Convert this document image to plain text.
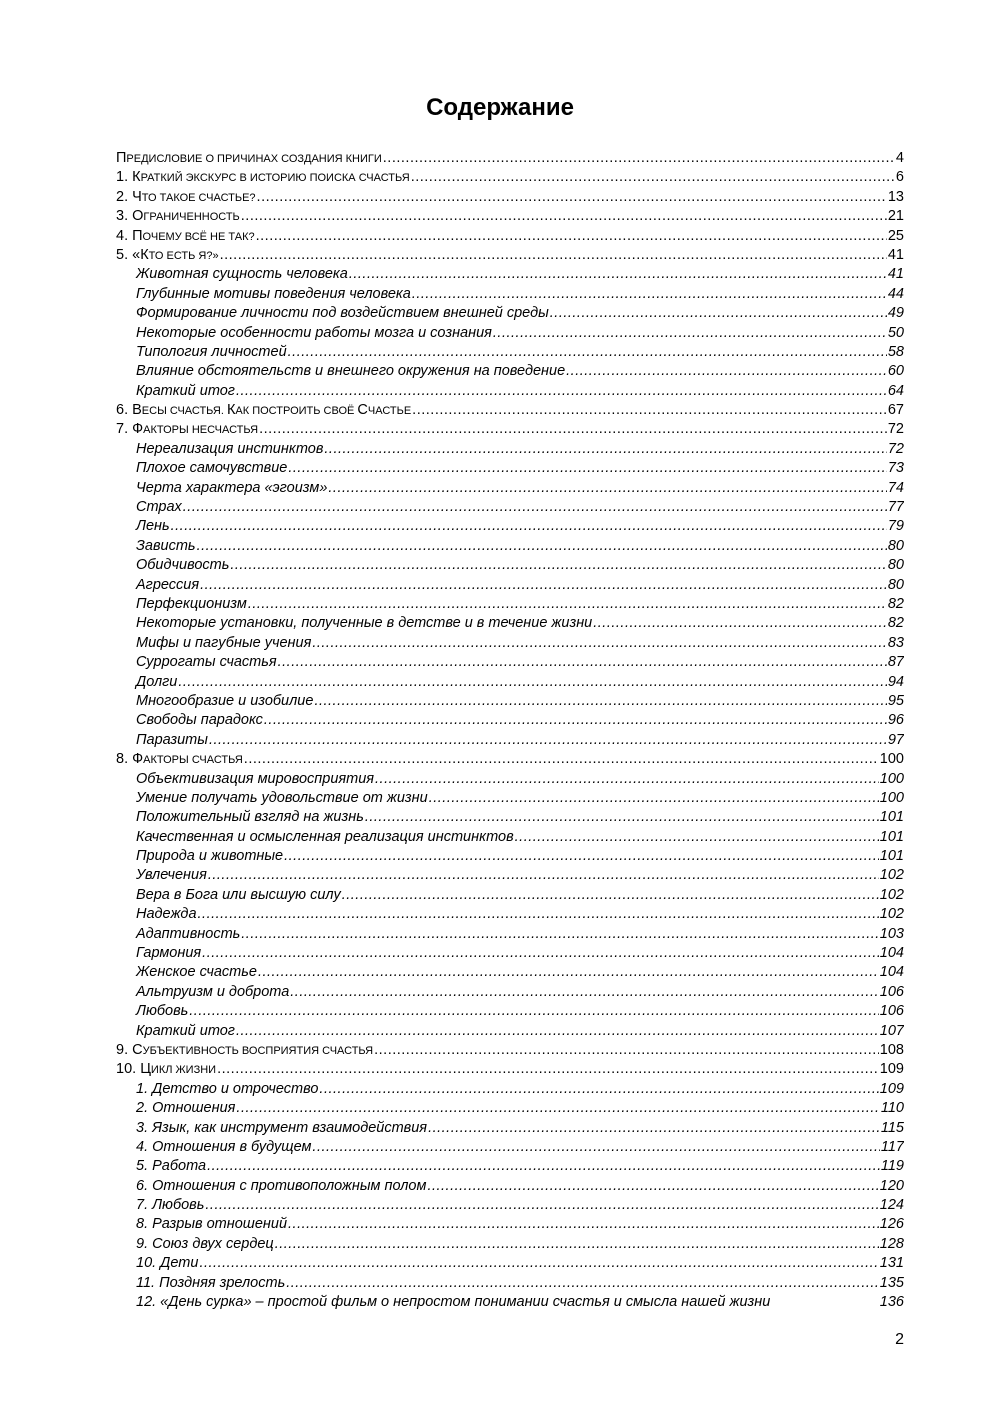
Содержание
ПРЕДИСЛОВИЕ О ПРИЧИНАХ СОЗДАНИЯ КНИГИ .....	4
1. КРАТКИЙ ЭКСКУРС В ИСТОРИЮ ПОИСКА СЧАСТЬЯ .....	6
2. ЧТО ТАКОЕ СЧАСТЬЕ? .....	13
3. ОГРАНИЧЕННОСТЬ .....	21
4. ПОЧЕМУ ВСЁ НЕ ТАК? .....	25
5. «КТО ЕСТЬ Я?» .....	41
Животная сущность человека .....	41
Глубинные мотивы поведения человека .....	44
Формирование личности под воздействием внешней среды .....	49
Некоторые особенности работы мозга и сознания .....	50
Типология личностей .....	58
Влияние обстоятельств и внешнего окружения на поведение .....	60
Краткий итог .....	64
6. ВЕСЫ СЧАСТЬЯ. КАК ПОСТРОИТЬ СВОЁ СЧАСТЬЕ .....	67
7. ФАКТОРЫ НЕСЧАСТЬЯ .....	72
Нереализация инстинктов .....	72
Плохое самочувствие .....	73
Черта характера «эгоизм» .....	74
Страх .....	77
Лень .....	79
Зависть .....	80
Обидчивость .....	80
Агрессия .....	80
Перфекционизм .....	82
Некоторые установки, полученные в детстве и в течение жизни .....	82
Мифы и пагубные учения .....	83
Суррогаты счастья .....	87
Долги .....	94
Многообразие и изобилие .....	95
Свободы парадокс .....	96
Паразиты .....	97
8. ФАКТОРЫ СЧАСТЬЯ .....	100
Объективизация мировосприятия .....	100
Умение получать удовольствие от жизни .....	100
Положительный взгляд на жизнь .....	101
Качественная и осмысленная реализация инстинктов .....	101
Природа и животные .....	101
Увлечения .....	102
Вера в Бога или высшую силу .....	102
Надежда .....	102
Адаптивность .....	103
Гармония .....	104
Женское счастье .....	104
Альтруизм и доброта .....	106
Любовь .....	106
Краткий итог .....	107
9. СУБЪЕКТИВНОСТЬ ВОСПРИЯТИЯ СЧАСТЬЯ .....	108
10. ЦИКЛ ЖИЗНИ .....	109
1. Детство и отрочество .....	109
2. Отношения .....	110
3. Язык, как инструмент взаимодействия .....	115
4. Отношения в будущем .....	117
5. Работа .....	119
6. Отношения с противоположным полом .....	120
7. Любовь .....	124
8. Разрыв отношений .....	126
9. Союз двух сердец .....	128
10. Дети .....	131
11. Поздняя зрелость .....	135
12. «День сурка» – простой фильм о непростом понимании счастья и смысла нашей жизни	136
2
